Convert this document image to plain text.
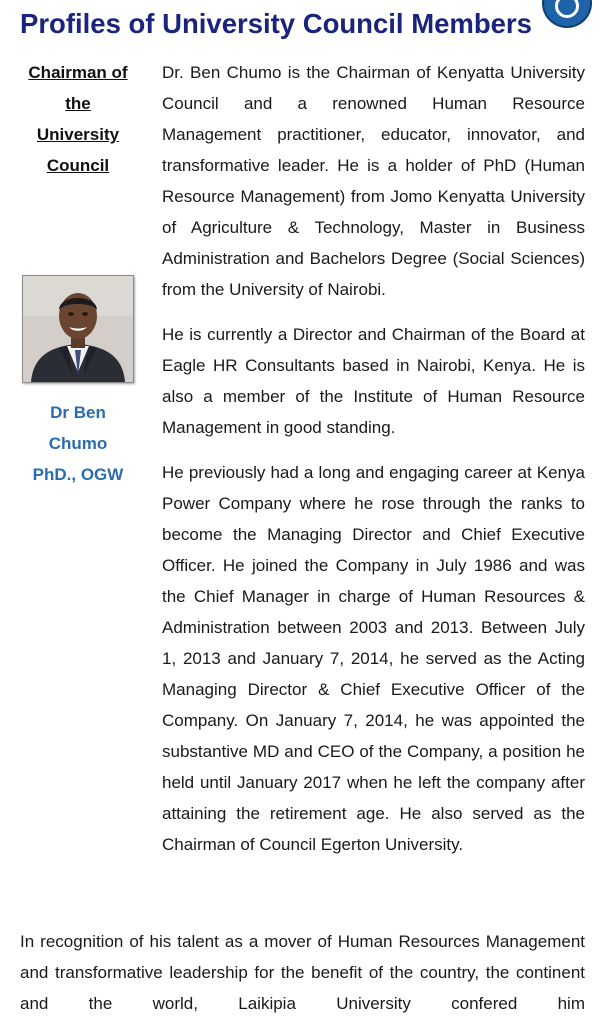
Profiles of University Council Members
Chairman of
the
University
Council
Dr Ben
Chumo
PhD., OGW

Dr. Ben Chumo is the Chairman of Kenyatta University Council and a renowned Human Resource Management practitioner, educator, innovator, and transformative leader. He is a holder of PhD (Human Resource Management) from Jomo Kenyatta University of Agriculture & Technology, Master in Business Administration and Bachelors Degree (Social Sciences) from the University of Nairobi.

He is currently a Director and Chairman of the Board at Eagle HR Consultants based in Nairobi, Kenya. He is also a member of the Institute of Human Resource Management in good standing.

He previously had a long and engaging career at Kenya Power Company where he rose through the ranks to become the Managing Director and Chief Executive Officer. He joined the Company in July 1986 and was the Chief Manager in charge of Human Resources & Administration between 2003 and 2013. Between July 1, 2013 and January 7, 2014, he served as the Acting Managing Director & Chief Executive Officer of the Company. On January 7, 2014, he was appointed the substantive MD and CEO of the Company, a position he held until January 2017 when he left the company after attaining the retirement age. He also served as the Chairman of Council Egerton University.

In recognition of his talent as a mover of Human Resources Management and transformative leadership for the benefit of the country, the continent and the world, Laikipia University confered him
